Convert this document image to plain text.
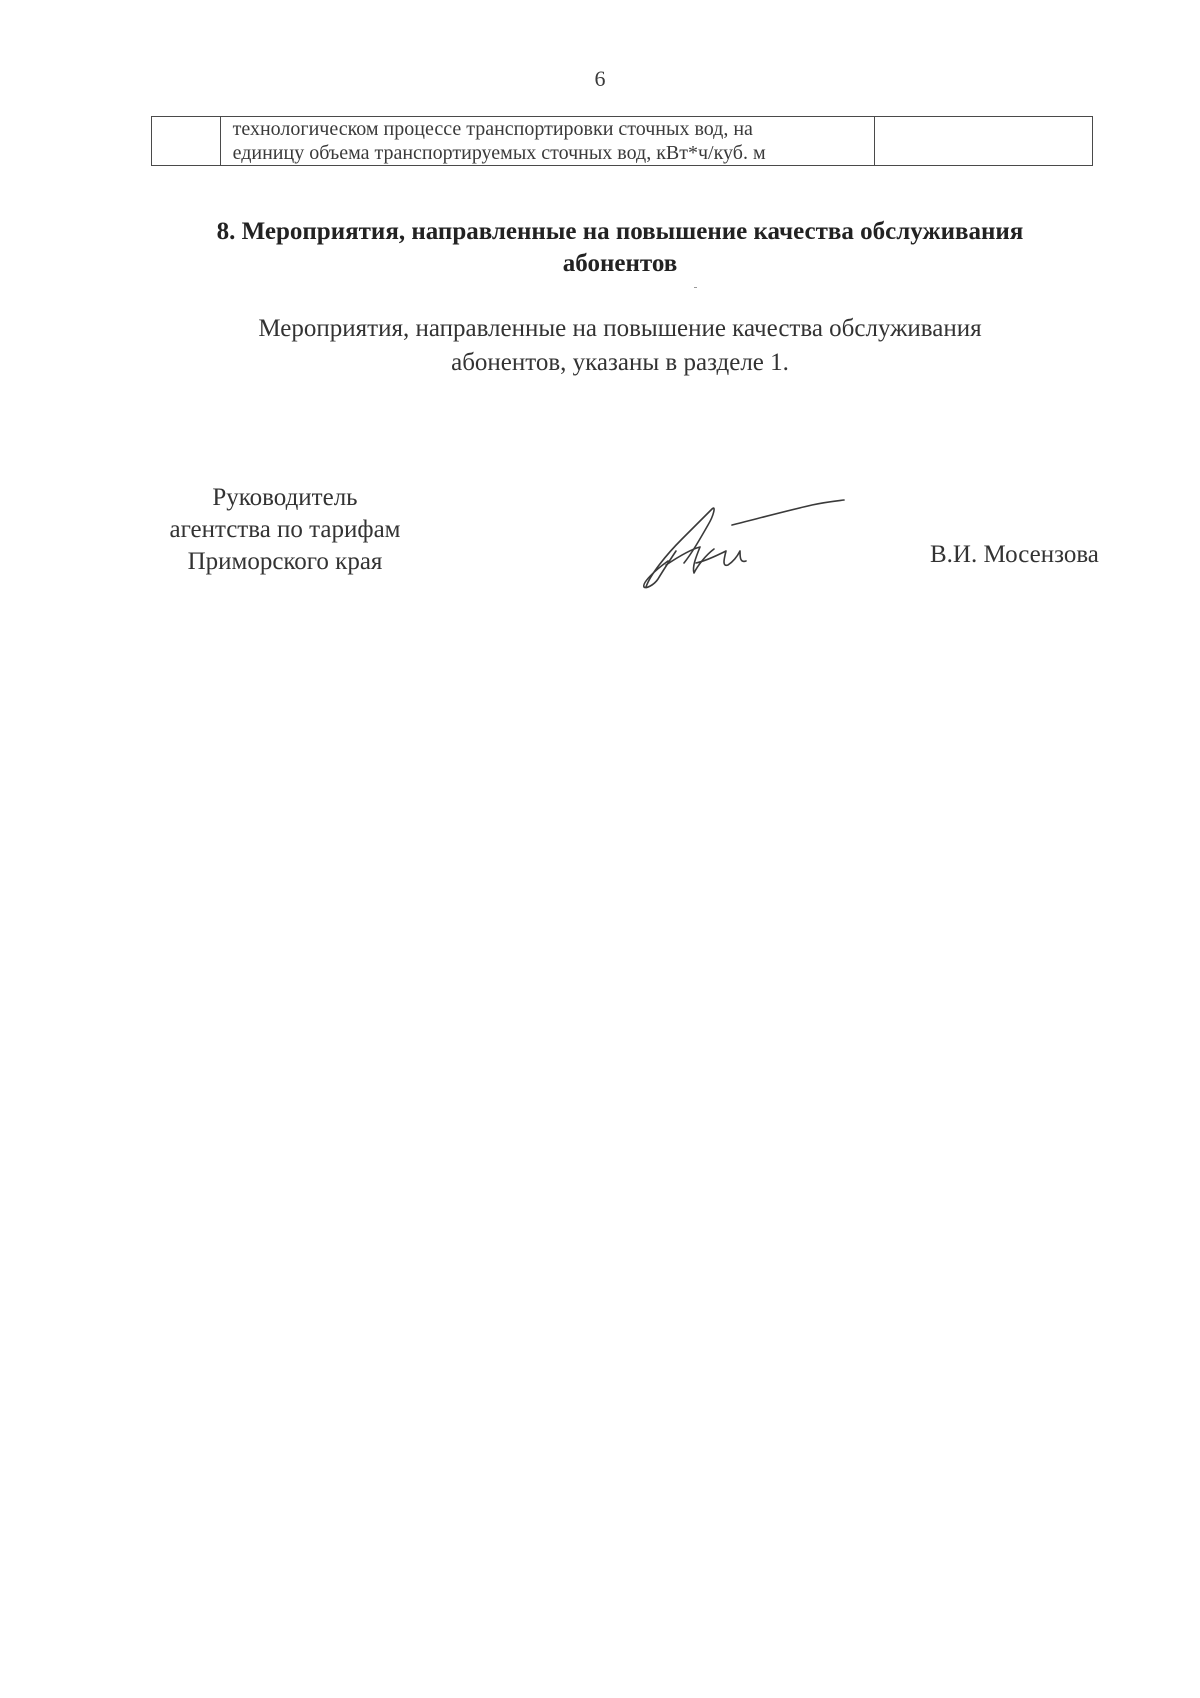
6

технологическом процессе транспортировки сточных вод, на
единицу объема транспортируемых сточных вод, кВт*ч/куб. м

8. Мероприятия, направленные на повышение качества обслуживания
абонентов
Мероприятия, направленные на повышение качества обслуживания
абонентов, указаны в разделе 1.
Руководитель
агентства по тарифам
Приморского края	В.И. Мосензова
